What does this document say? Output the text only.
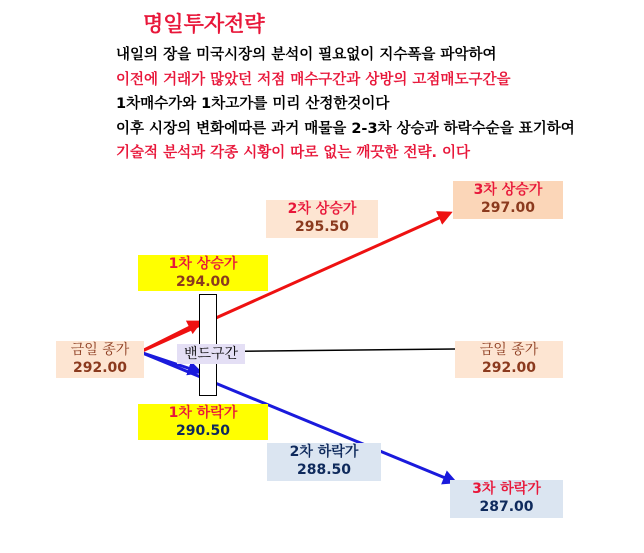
명일투자전략
내일의 장을 미국시장의 분석이 필요없이 지수폭을 파악하여
이전에 거래가 많았던 저점 매수구간과 상방의 고점매도구간을
1차매수가와 1차고가를 미리 산정한것이다
이후 시장의 변화에따른 과거 매물을 2-3차 상승과 하락수순을 표기하여
기술적 분석과 각종 시황이 따로 없는 깨끗한 전략. 이다
밴드구간
금일 종가
292.00
금일 종가
292.00
1차 상승가
294.00
2차 상승가
295.50
3차 상승가
297.00
1차 하락가
290.50
2차 하락가
288.50
3차 하락가
287.00
